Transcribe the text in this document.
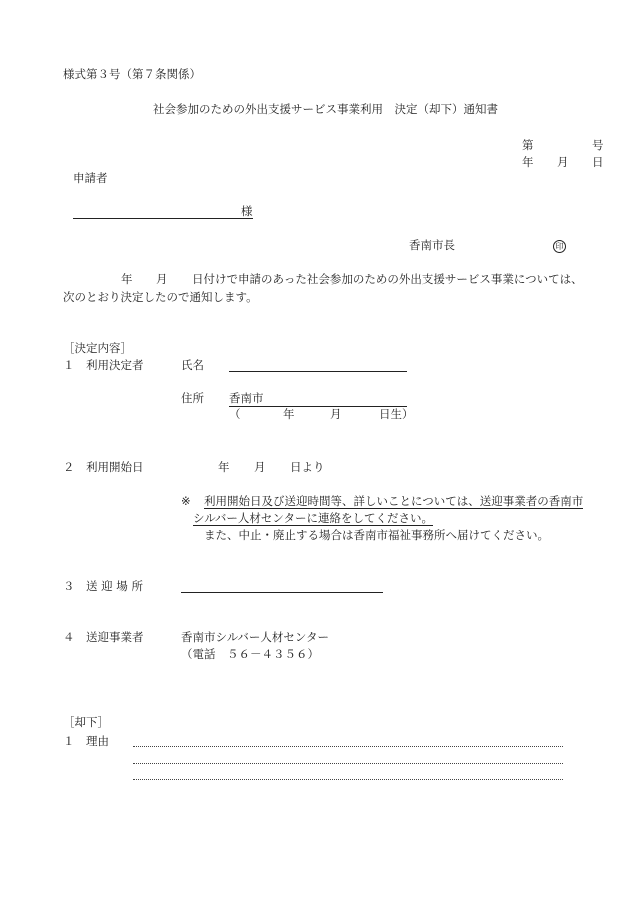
様式第３号（第７条関係）
社会参加のための外出支援サービス事業利用　決定（却下）通知書
第	号
年 月 日
申請者
様
香南市長	印
年 月 日付けで申請のあった社会参加のための外出支援サービス事業については、
次のとおり決定したので通知します。
［決定内容］
１　利用決定者	氏名
住所 香南市
（	年	月	日生）
２　利用開始日	年 月 日より
※ 利用開始日及び送迎時間等、詳しいことについては、送迎事業者の香南市
シルバー人材センターに連絡をしてください。
また、中止・廃止する場合は香南市福祉事務所へ届けてください。
３　送 迎 場 所
４　送迎事業者	香南市シルバー人材センター
（電話　５６－４３５６）
［却下］
１　理由
